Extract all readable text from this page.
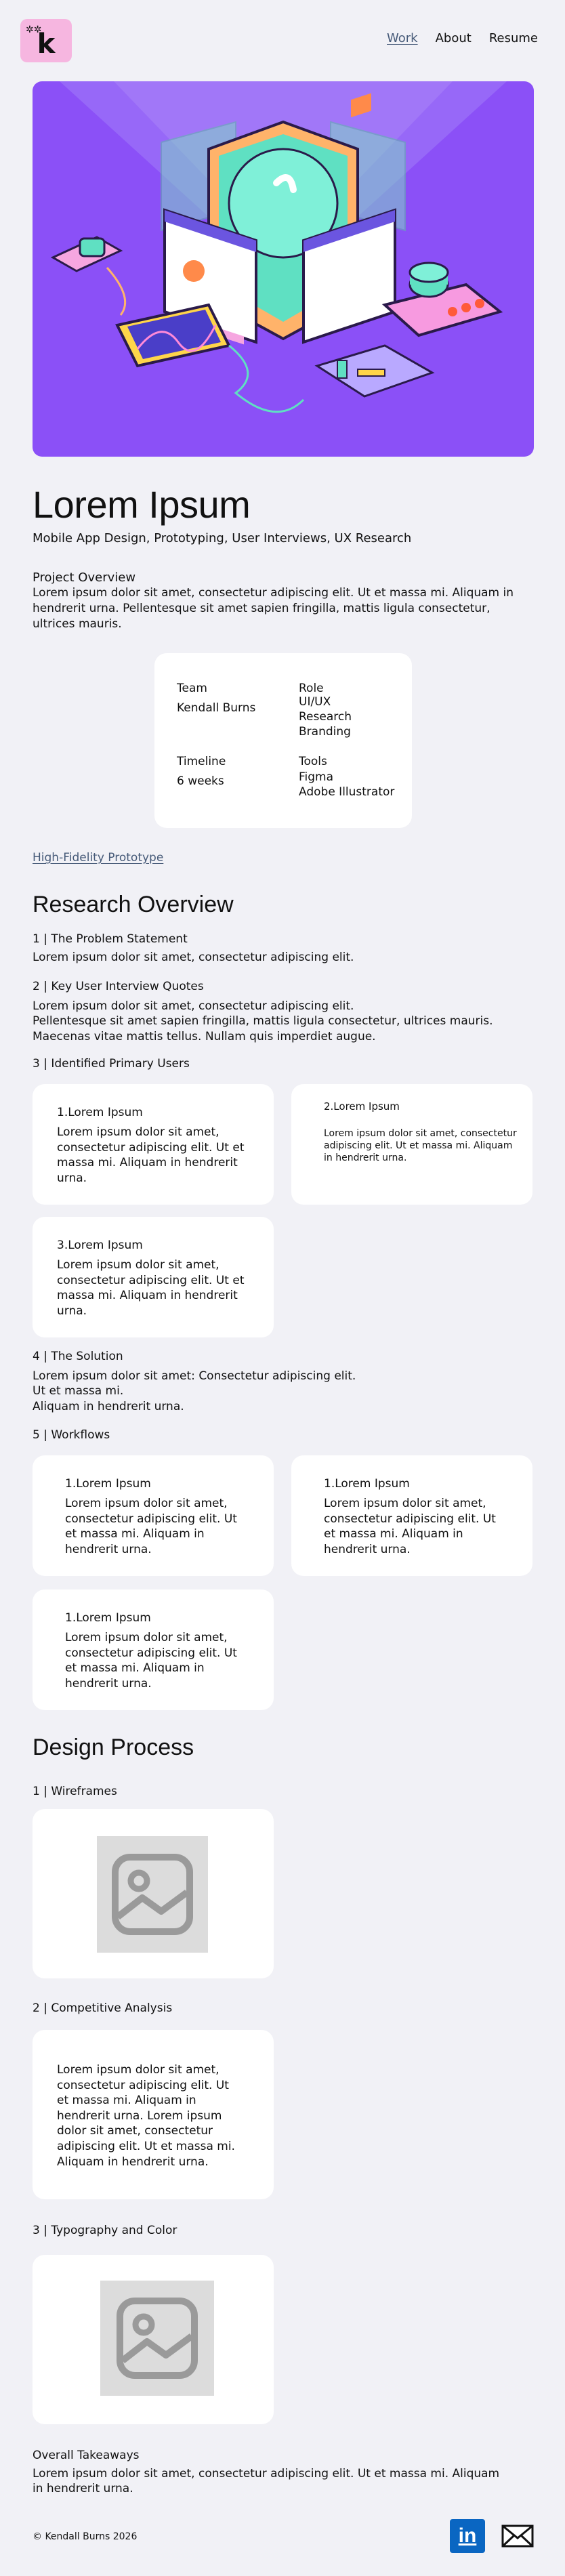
✲✲
k	Work About Resume
Lorem Ipsum
Mobile App Design, Prototyping, User Interviews, UX Research
Project Overview

Lorem ipsum dolor sit amet, consectetur adipiscing elit. Ut et massa mi. Aliquam in hendrerit urna. Pellentesque sit amet sapien fringilla, mattis ligula consectetur, ultrices mauris.

Team
Kendall Burns
Role
UI/UX
Research
Branding
Timeline
6 weeks
Tools
Figma
Adobe Illustrator
High-Fidelity Prototype
Research Overview
1 | The Problem Statement
Lorem ipsum dolor sit amet, consectetur adipiscing elit.
2 | Key User Interview Quotes
Lorem ipsum dolor sit amet, consectetur adipiscing elit.
Pellentesque sit amet sapien fringilla, mattis ligula consectetur, ultrices mauris.
Maecenas vitae mattis tellus. Nullam quis imperdiet augue.
3 | Identified Primary Users
1.Lorem Ipsum
Lorem ipsum dolor sit amet, consectetur adipiscing elit. Ut et massa mi. Aliquam in hendrerit urna.
2.Lorem Ipsum
Lorem ipsum dolor sit amet, consectetur adipiscing elit. Ut et massa mi. Aliquam in hendrerit urna.
3.Lorem Ipsum
Lorem ipsum dolor sit amet, consectetur adipiscing elit. Ut et massa mi. Aliquam in hendrerit urna.
4 | The Solution
Lorem ipsum dolor sit amet: Consectetur adipiscing elit.
Ut et massa mi.
Aliquam in hendrerit urna.
5 | Workflows
1.Lorem Ipsum
Lorem ipsum dolor sit amet, consectetur adipiscing elit. Ut et massa mi. Aliquam in hendrerit urna.
1.Lorem Ipsum
Lorem ipsum dolor sit amet, consectetur adipiscing elit. Ut et massa mi. Aliquam in hendrerit urna.
1.Lorem Ipsum
Lorem ipsum dolor sit amet, consectetur adipiscing elit. Ut et massa mi. Aliquam in hendrerit urna.
Design Process
1 | Wireframes
2 | Competitive Analysis
Lorem ipsum dolor sit amet, consectetur adipiscing elit. Ut et massa mi. Aliquam in hendrerit urna. Lorem ipsum dolor sit amet, consectetur adipiscing elit. Ut et massa mi. Aliquam in hendrerit urna.
3 | Typography and Color
Overall Takeaways
Lorem ipsum dolor sit amet, consectetur adipiscing elit. Ut et massa mi. Aliquam in hendrerit urna.
© Kendall Burns 2026	in
